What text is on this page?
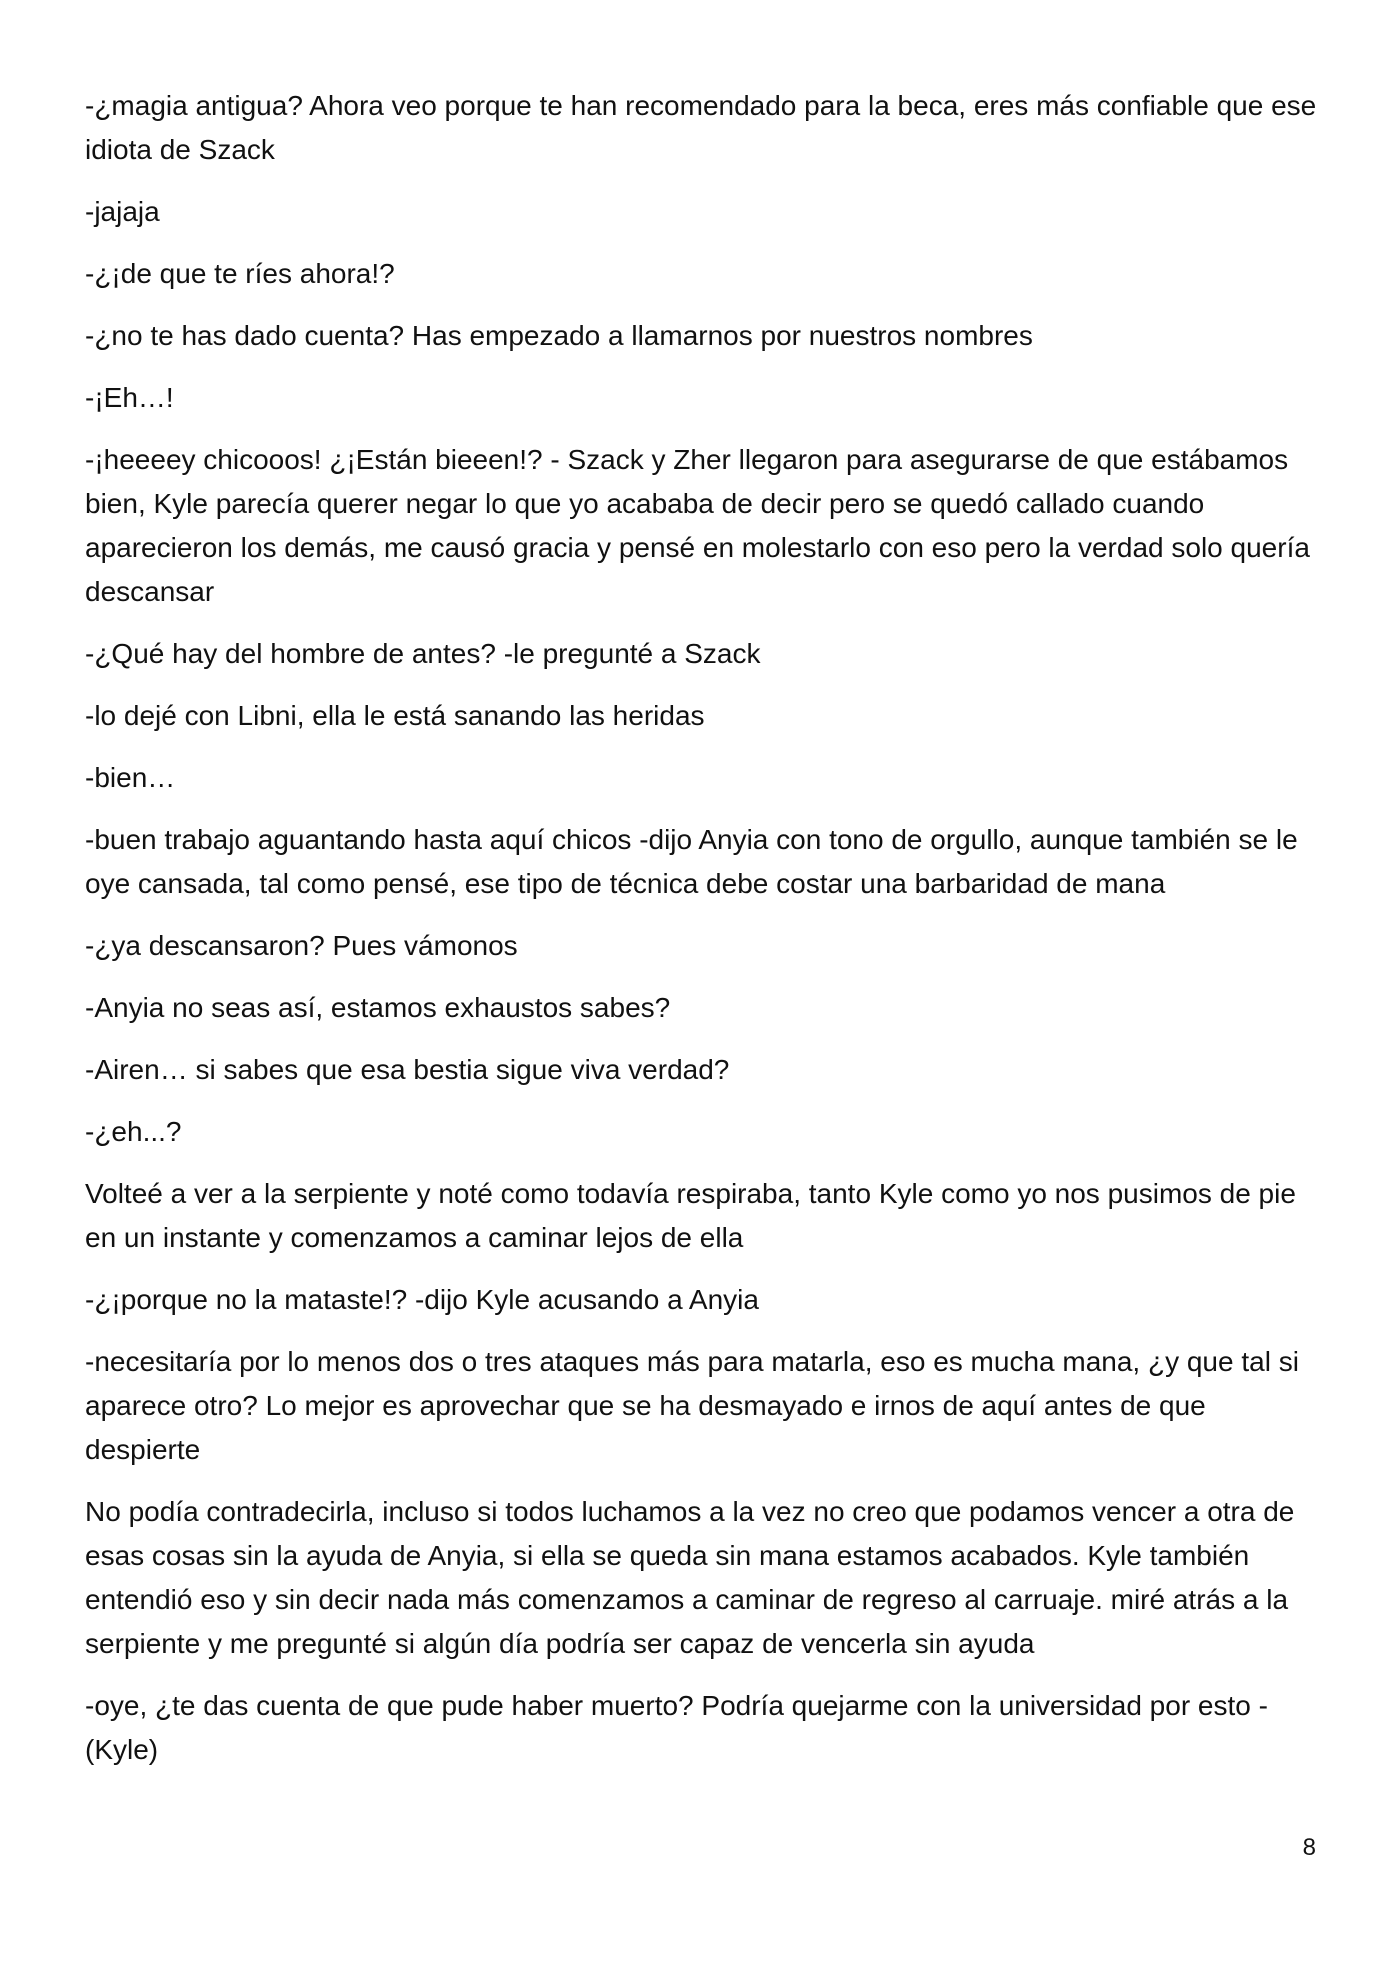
-¿magia antigua? Ahora veo porque te han recomendado para la beca, eres más confiable que ese idiota de Szack

-jajaja

-¿¡de que te ríes ahora!?

-¿no te has dado cuenta? Has empezado a llamarnos por nuestros nombres

-¡Eh…!

-¡heeeey chicooos! ¿¡Están bieeen!? - Szack y Zher llegaron para asegurarse de que estábamos bien, Kyle parecía querer negar lo que yo acababa de decir pero se quedó callado cuando aparecieron los demás, me causó gracia y pensé en molestarlo con eso pero la verdad solo quería descansar

-¿Qué hay del hombre de antes? -le pregunté a Szack

-lo dejé con Libni, ella le está sanando las heridas

-bien…

-buen trabajo aguantando hasta aquí chicos -dijo Anyia con tono de orgullo, aunque también se le oye cansada, tal como pensé, ese tipo de técnica debe costar una barbaridad de mana

-¿ya descansaron? Pues vámonos

-Anyia no seas así, estamos exhaustos sabes?

-Airen… si sabes que esa bestia sigue viva verdad?

-¿eh...?

Volteé a ver a la serpiente y noté como todavía respiraba, tanto Kyle como yo nos pusimos de pie en un instante y comenzamos a caminar lejos de ella

-¿¡porque no la mataste!? -dijo Kyle acusando a Anyia

-necesitaría por lo menos dos o tres ataques más para matarla, eso es mucha mana, ¿y que tal si aparece otro? Lo mejor es aprovechar que se ha desmayado e irnos de aquí antes de que despierte

No podía contradecirla, incluso si todos luchamos a la vez no creo que podamos vencer a otra de esas cosas sin la ayuda de Anyia, si ella se queda sin mana estamos acabados. Kyle también entendió eso y sin decir nada más comenzamos a caminar de regreso al carruaje. miré atrás a la serpiente y me pregunté si algún día podría ser capaz de vencerla sin ayuda

-oye, ¿te das cuenta de que pude haber muerto? Podría quejarme con la universidad por esto -(Kyle)

8
